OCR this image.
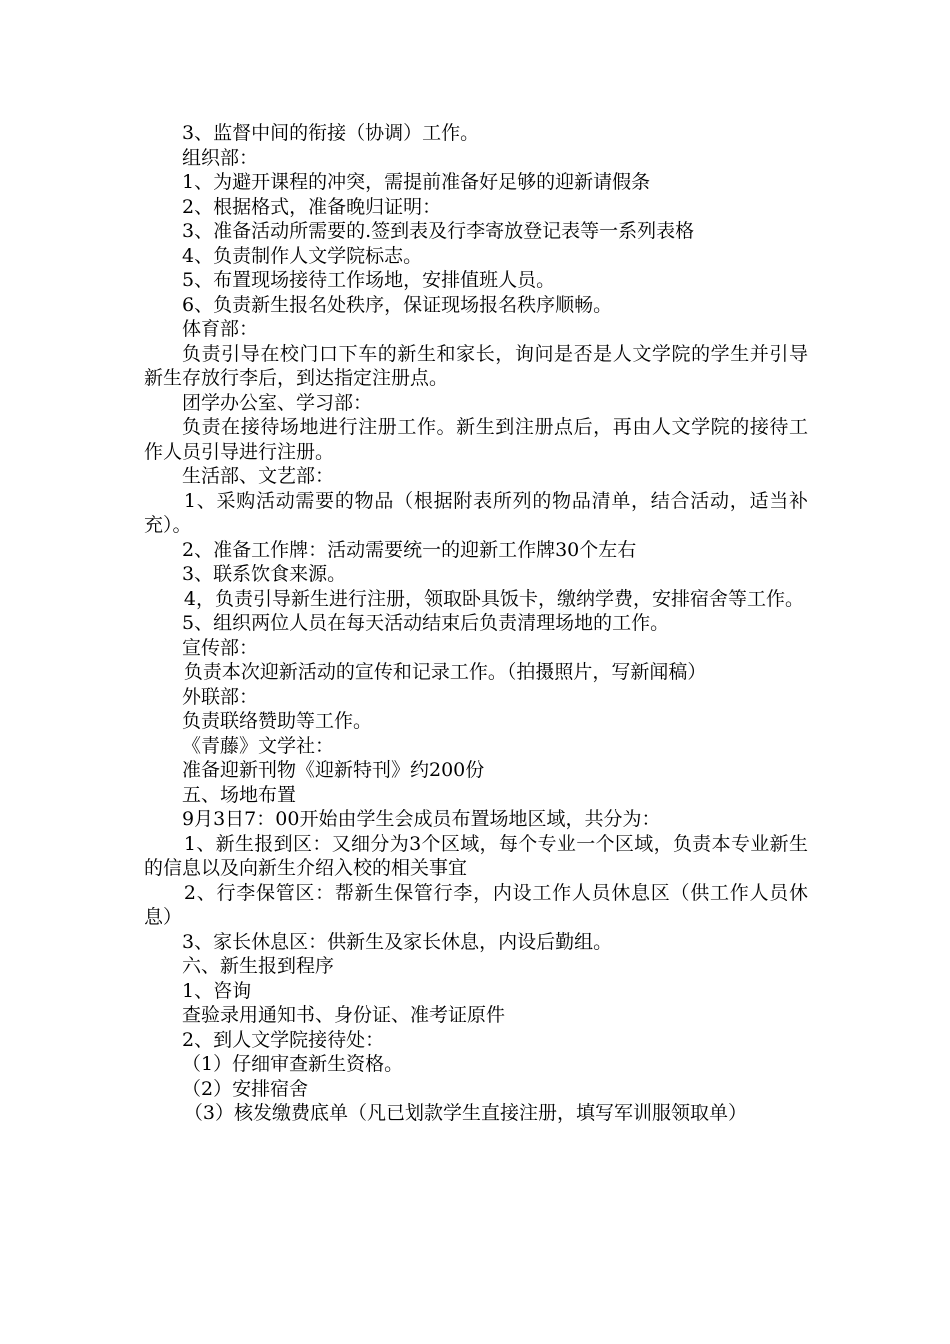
3、监督中间的衔接（协调）工作。
组织部：
1、为避开课程的冲突，需提前准备好足够的迎新请假条
2、根据格式，准备晚归证明：
3、准备活动所需要的.签到表及行李寄放登记表等一系列表格
4、负责制作人文学院标志。
5、布置现场接待工作场地，安排值班人员。
6、负责新生报名处秩序，保证现场报名秩序顺畅。
体育部：
负责引导在校门口下车的新生和家长，询问是否是人文学院的学生并引导新生存放行李后，到达指定注册点。
团学办公室、学习部：
负责在接待场地进行注册工作。新生到注册点后，再由人文学院的接待工作人员引导进行注册。
生活部、文艺部：
1、采购活动需要的物品（根据附表所列的物品清单，结合活动，适当补充）。
2、准备工作牌：活动需要统一的迎新工作牌30个左右
3、联系饮食来源。
4，负责引导新生进行注册，领取卧具饭卡，缴纳学费，安排宿舍等工作。
5、组织两位人员在每天活动结束后负责清理场地的工作。
宣传部：
负责本次迎新活动的宣传和记录工作。（拍摄照片，写新闻稿）
外联部：
负责联络赞助等工作。
《青藤》文学社：
准备迎新刊物《迎新特刊》约200份
五、场地布置
9月3日7：00开始由学生会成员布置场地区域，共分为：
1、新生报到区：又细分为3个区域，每个专业一个区域，负责本专业新生的信息以及向新生介绍入校的相关事宜
2、行李保管区：帮新生保管行李，内设工作人员休息区（供工作人员休息）
3、家长休息区：供新生及家长休息，内设后勤组。
六、新生报到程序
1、咨询
查验录用通知书、身份证、准考证原件
2、到人文学院接待处：
（1）仔细审查新生资格。
（2）安排宿舍
（3）核发缴费底单（凡已划款学生直接注册，填写军训服领取单）
